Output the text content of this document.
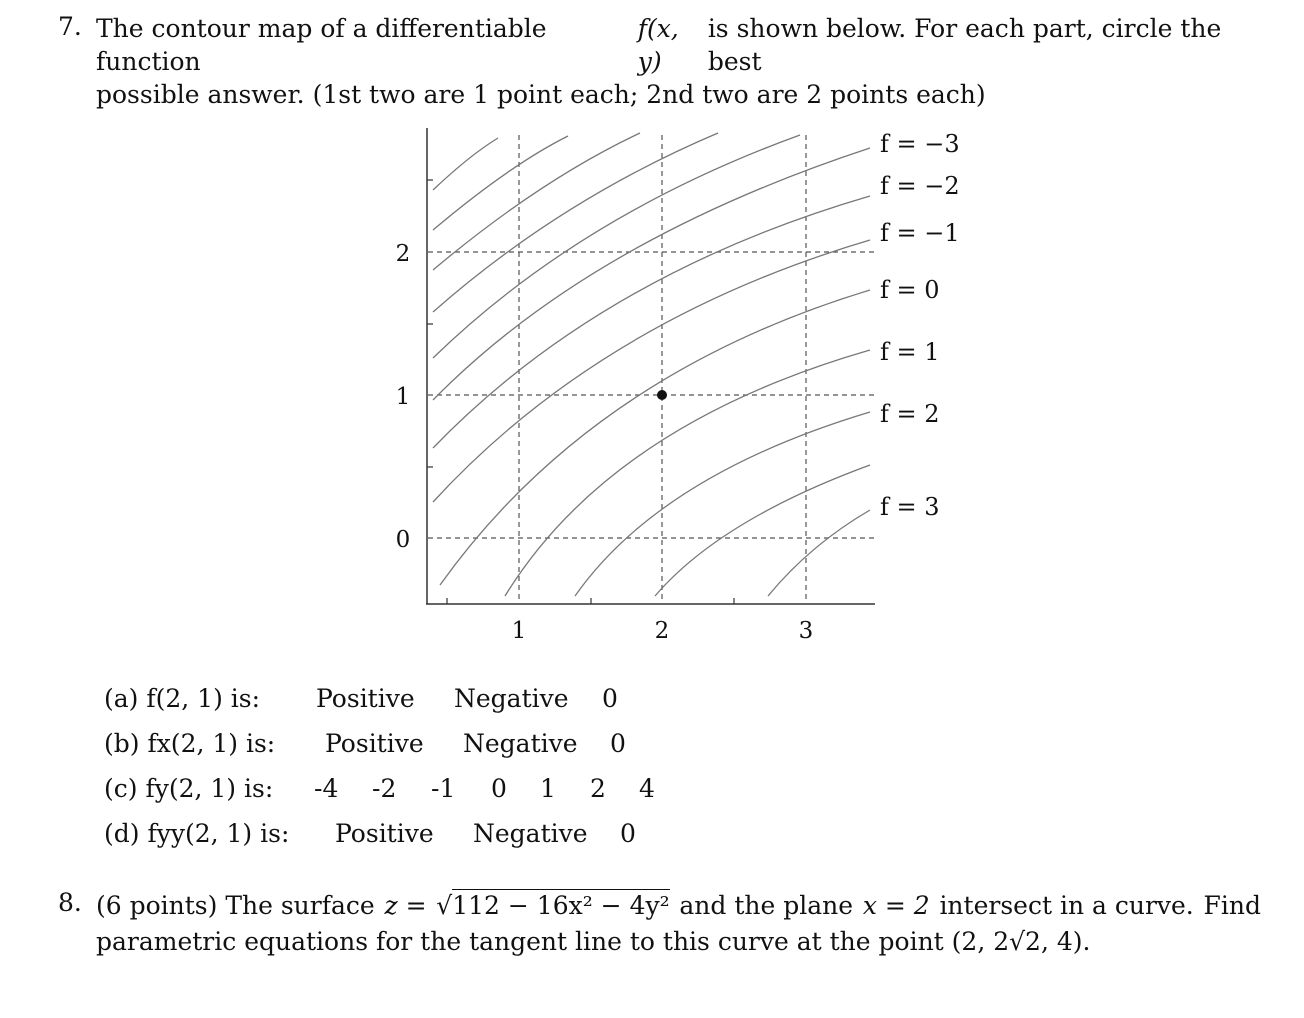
7. The contour map of a differentiable function
f(x, y)
is shown below. For each part, circle the best
possible answer. (1st two are 1 point each; 2nd two are 2 points each)
1	2	3
0
1
2
f = −3
f = −2
f = −1
f = 0
f = 1
f = 2
f = 3
(a) f(2, 1) is: Positive Negative 0
(b) fx(2, 1) is: Positive Negative 0
(c) fy(2, 1) is: -4 -2 -1 0 1 2 4
(d) fyy(2, 1) is: Positive Negative 0
8. (6 points) The surface z = √112 − 16x² − 4y² and the plane x = 2 intersect in a curve. Find
parametric equations for the tangent line to this curve at the point (2, 2√2, 4).
